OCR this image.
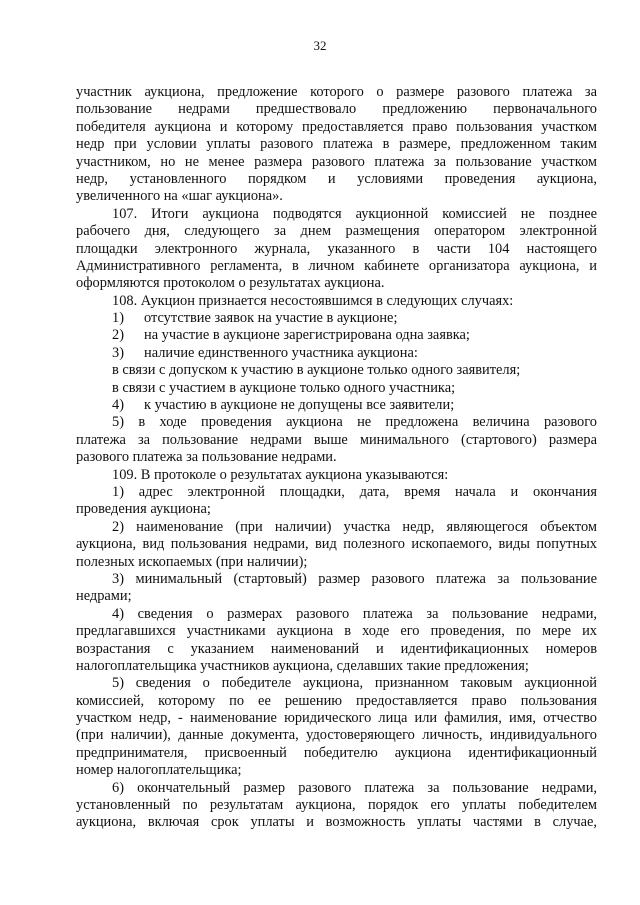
32
участник аукциона, предложение которого о размере разового платежа за
пользование недрами предшествовало предложению первоначального
победителя аукциона и которому предоставляется право пользования участком
недр при условии уплаты разового платежа в размере, предложенном таким
участником, но не менее размера разового платежа за пользование участком
недр, установленного порядком и условиями проведения аукциона,
увеличенного на «шаг аукциона».
107. Итоги аукциона подводятся аукционной комиссией не позднее
рабочего дня, следующего за днем размещения оператором электронной
площадки электронного журнала, указанного в части 104 настоящего
Административного регламента, в личном кабинете организатора аукциона, и
оформляются протоколом о результатах аукциона.
108. Аукцион признается несостоявшимся в следующих случаях:
1) отсутствие заявок на участие в аукционе;
2) на участие в аукционе зарегистрирована одна заявка;
3) наличие единственного участника аукциона:
в связи с допуском к участию в аукционе только одного заявителя;
в связи с участием в аукционе только одного участника;
4) к участию в аукционе не допущены все заявители;
5) в ходе проведения аукциона не предложена величина разового
платежа за пользование недрами выше минимального (стартового) размера
разового платежа за пользование недрами.
109. В протоколе о результатах аукциона указываются:
1) адрес электронной площадки, дата, время начала и окончания
проведения аукциона;
2) наименование (при наличии) участка недр, являющегося объектом
аукциона, вид пользования недрами, вид полезного ископаемого, виды попутных
полезных ископаемых (при наличии);
3) минимальный (стартовый) размер разового платежа за пользование
недрами;
4) сведения о размерах разового платежа за пользование недрами,
предлагавшихся участниками аукциона в ходе его проведения, по мере их
возрастания с указанием наименований и идентификационных номеров
налогоплательщика участников аукциона, сделавших такие предложения;
5) сведения о победителе аукциона, признанном таковым аукционной
комиссией, которому по ее решению предоставляется право пользования
участком недр, - наименование юридического лица или фамилия, имя, отчество
(при наличии), данные документа, удостоверяющего личность, индивидуального
предпринимателя, присвоенный победителю аукциона идентификационный
номер налогоплательщика;
6) окончательный размер разового платежа за пользование недрами,
установленный по результатам аукциона, порядок его уплаты победителем
аукциона, включая срок уплаты и возможность уплаты частями в случае,
